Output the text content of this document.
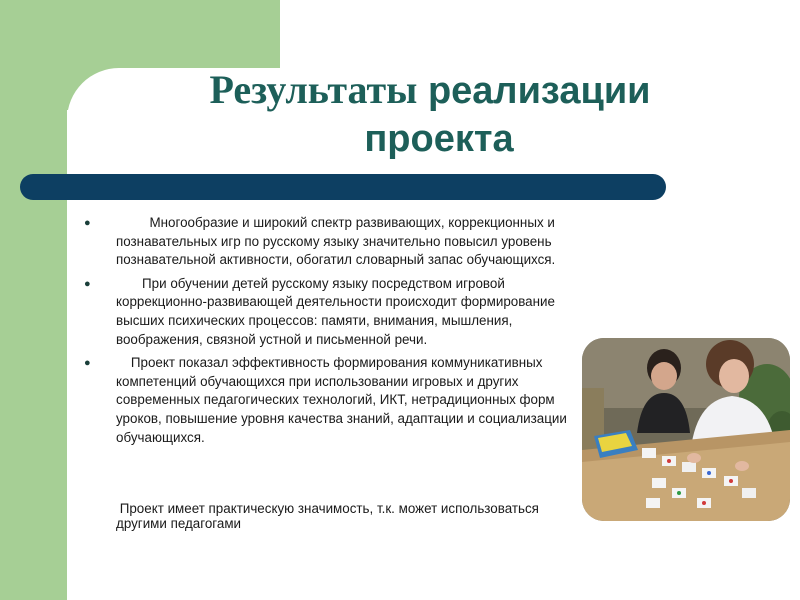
Результаты реализации
проекта
● Многообразие и широкий спектр развивающих, коррекционных и познавательных игр по русскому языку значительно повысил уровень познавательной активности, обогатил словарный запас обучающихся.
● При обучении детей русскому языку посредством игровой коррекционно-развивающей деятельности происходит формирование высших психических процессов: памяти, внимания, мышления, воображения, связной устной и письменной речи.
● Проект показал эффективность формирования коммуникативных компетенций обучающихся при использовании игровых и других современных педагогических технологий, ИКТ, нетрадиционных форм уроков, повышение уровня качества знаний, адаптации и социализации обучающихся.
Проект имеет практическую значимость, т.к. может использоваться другими педагогами
